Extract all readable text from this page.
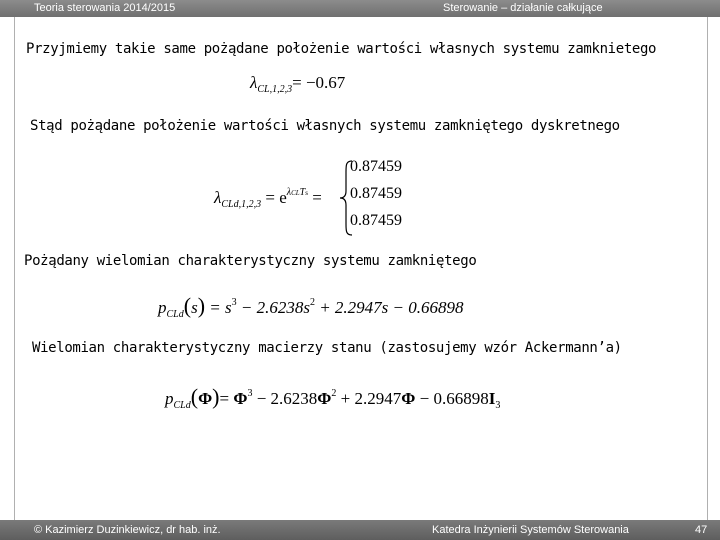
Teoria sterowania 2014/2015	Sterowanie – działanie całkujące
Przyjmiemy takie same pożądane położenie wartości własnych systemu zamknietego
$\lambda_{CL,1,2,3}= -0.67$
Stąd pożądane położenie wartości własnych systemu zamkniętego dyskretnego
$\lambda_{CLd,1,2,3} = e^{\lambda CLTs}$ =
0.87459
0.87459
0.87459
Pożądany wielomian charakterystyczny systemu zamkniętego
$p_{CLd}(s) = s^3 - 2.6238s^2 + 2.2947s - 0.66898$
Wielomian charakterystyczny macierzy stanu (zastosujemy wzór Ackermann’a)
$p_{CLd}(\Phi)= \Phi^3 - 2.6238\Phi^2 + 2.2947\Phi - 0.66898I_3$
© Kazimierz Duzinkiewicz, dr hab. inż.	Katedra Inżynierii Systemów Sterowania	47
